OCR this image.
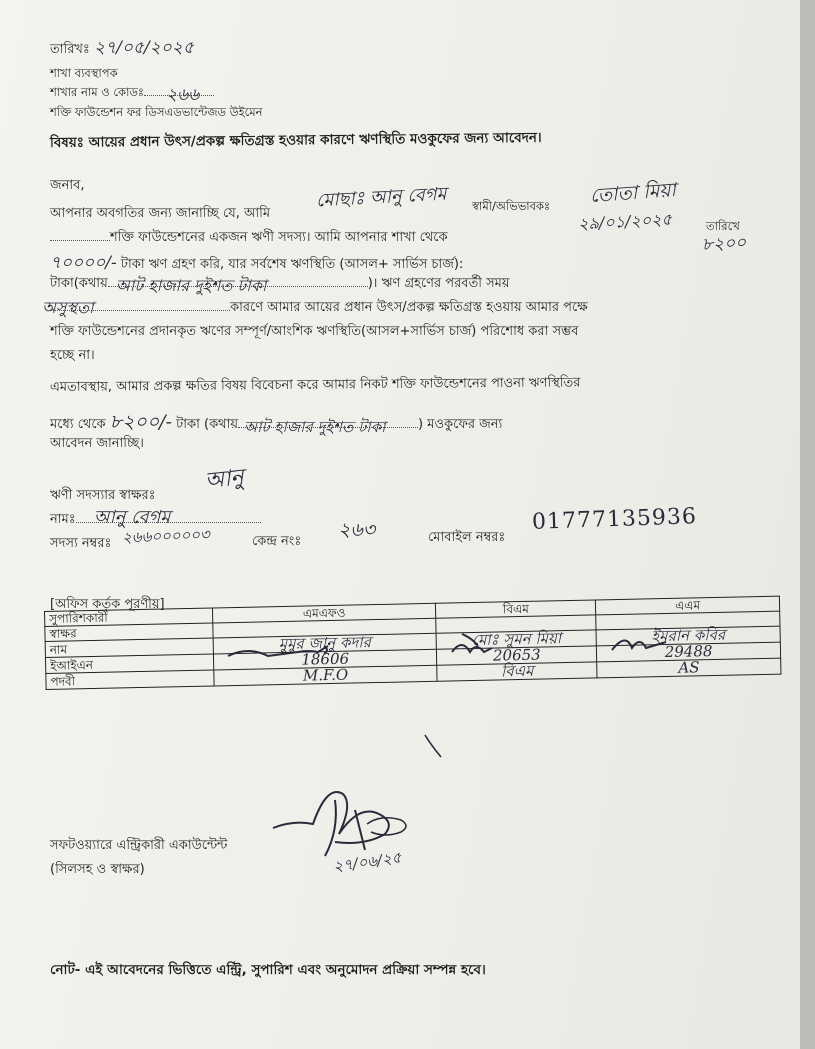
তারিখঃ ২৭/০৫/২০২৫
শাখা ব্যবস্থাপক
শাখার নাম ও কোডঃ ২৬৬
শক্তি ফাউন্ডেশন ফর ডিসএডভান্টেজড উইমেন
বিষয়ঃ আয়ের প্রধান উৎস/প্রকল্প ক্ষতিগ্রস্ত হওয়ার কারণে ঋণস্থিতি মওকুফের জন্য আবেদন।
জনাব,
আপনার অবগতির জন্য জানাচ্ছি যে, আমি
মোছাঃ আনু বেগম স্বামী/অভিভাবকঃ তোতা মিয়া
শক্তি ফাউন্ডেশনের একজন ঋণী সদস্য। আমি আপনার শাখা থেকে
২৯/০১/২০২৫	তারিখে
৭০০০০/- টাকা ঋণ গ্রহণ করি, যার সর্বশেষ ঋণস্থিতি (আসল+ সার্ভিস চার্জ):
৮২০০
টাকা(কথায় আট হাজার দুইশত টাকা	)। ঋণ গ্রহণের পরবর্তী সময়
অসুস্থতা	কারণে আমার আয়ের প্রধান উৎস/প্রকল্প ক্ষতিগ্রস্ত হওয়ায় আমার পক্ষে
শক্তি ফাউন্ডেশনের প্রদানকৃত ঋণের সম্পূর্ণ/আংশিক ঋণস্থিতি(আসল+সার্ভিস চার্জ) পরিশোধ করা সম্ভব
হচ্ছে না।
এমতাবস্থায়, আমার প্রকল্প ক্ষতির বিষয় বিবেচনা করে আমার নিকট শক্তি ফাউন্ডেশনের পাওনা ঋণস্থিতির
মধ্যে থেকে ৮২০০/- টাকা (কথায় আট হাজার দুইশত টাকা	) মওকুফের জন্য
আবেদন জানাচ্ছি।
ঋণী সদস্যার স্বাক্ষরঃ
আনু
নামঃ আনু বেগম
সদস্য নম্বরঃ ২৬৬০০০০০৩	কেন্দ্র নংঃ
২৬৩	মোবাইল নম্বরঃ
01777135936
[অফিস কর্তৃক পূরণীয়]
সুপারিশকারী	এমএফও	বিএম	এএম
স্বাক্ষর			
নাম	মুমুর জানু কদার	মোঃ সুমন মিয়া	ইমরান কবির
ইআইএন	18606	20653	29488
পদবী	M.F.O	বিএম	AS
সফটওয়্যারে এন্ট্রিকারী একাউন্টেন্ট
(সিলসহ ও স্বাক্ষর)	২৭/০৬/২৫
নোট- এই আবেদনের ভিত্তিতে এন্ট্রি, সুপারিশ এবং অনুমোদন প্রক্রিয়া সম্পন্ন হবে।
